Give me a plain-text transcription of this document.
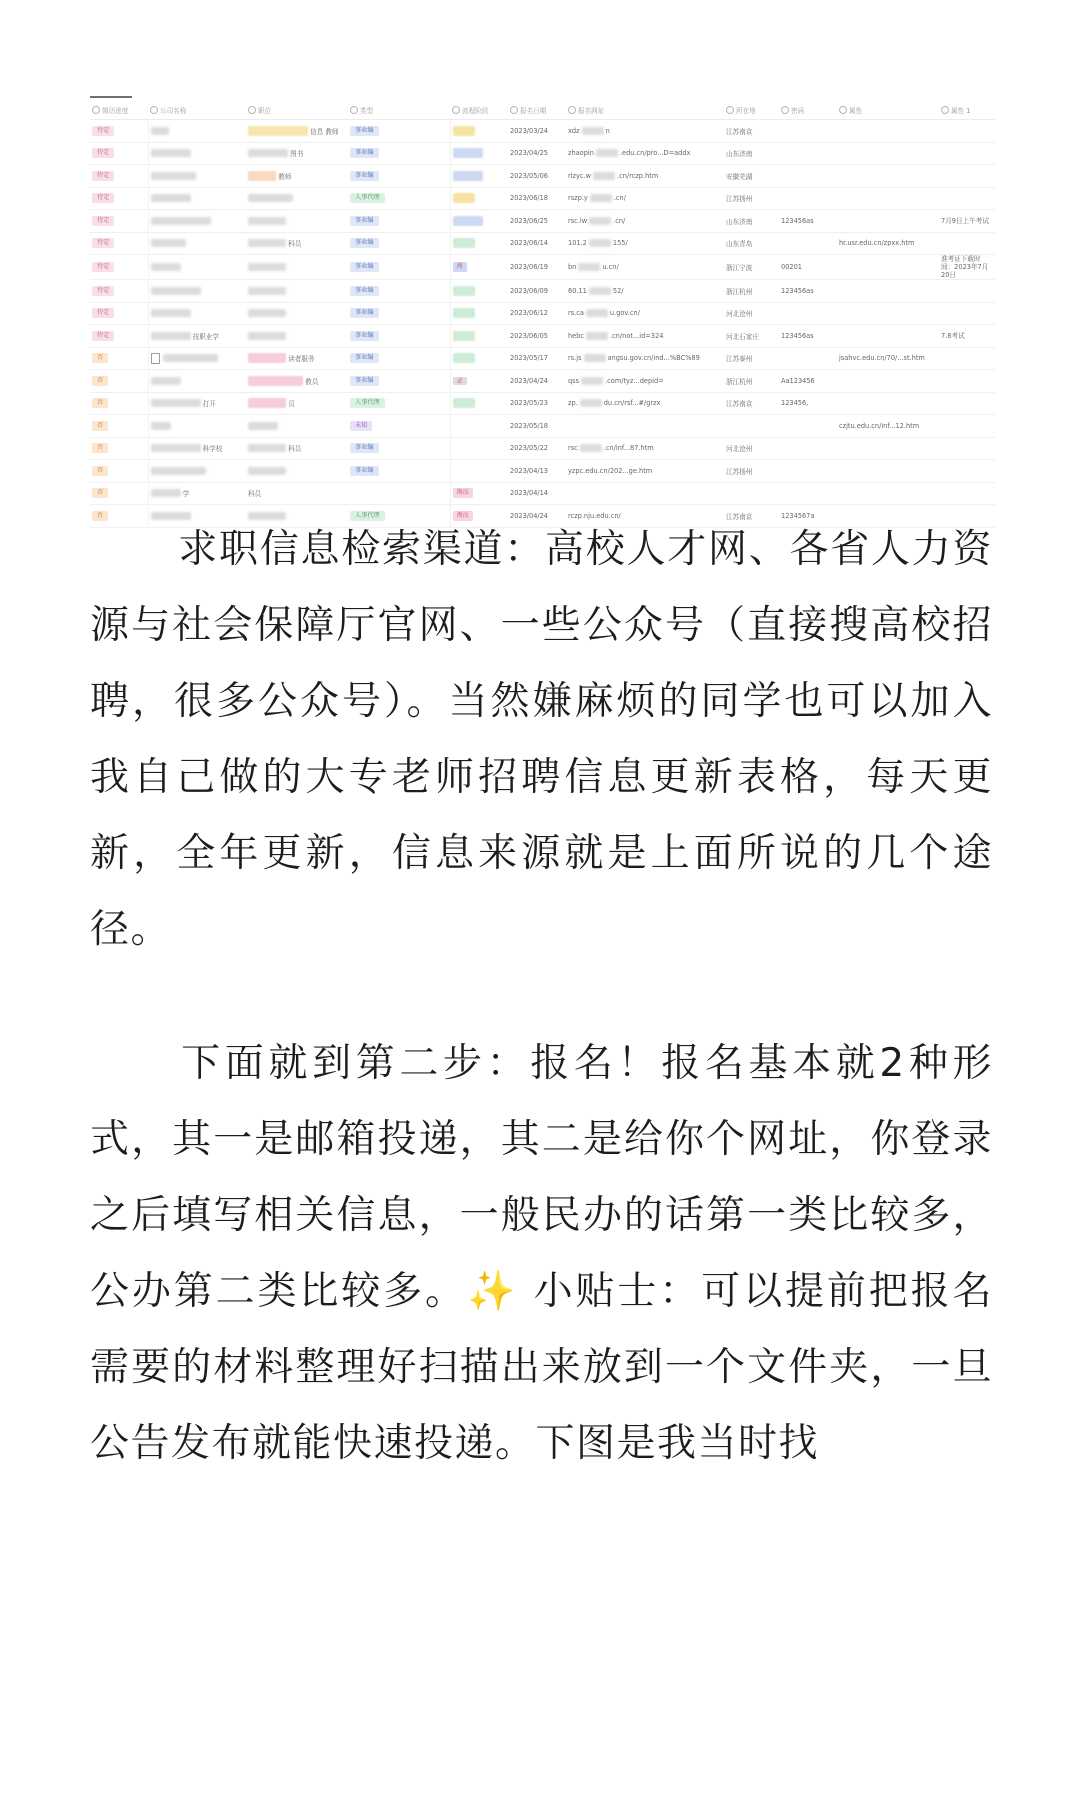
简历进度	公司名称	职位	类型	流程阶段	报名日期	报名网址	所在地	密码	属性	属性 1
待定		信息 教师	事业编		2023/03/24	xdz n	江苏南京			
待定		图书	事业编		2023/04/25	zhaopin .edu.cn/pro...D=addx	山东济南			
待定		教师	事业编		2023/05/06	rlzyc.w .cn/rczp.htm	安徽芜湖			
待定			人事代理		2023/06/18	rszp.y .cn/	江苏扬州			
待定			事业编		2023/06/25	rsc.lw .cn/	山东济南	123456as		7月9日上午考试
待定		科员	事业编		2023/06/14	101.2 155/	山东青岛		hr.usr.edu.cn/zpxx.htm	
待定			事业编	淘	2023/06/19	bn u.cn/	浙江宁波	00201		准考证下载时间：2023年7月20日
待定			事业编		2023/06/09	60.11 52/	浙江杭州	123456as		
待定			事业编		2023/06/12	rs.ca u.gov.cn/	河北沧州			
待定	技职业学		事业编		2023/06/05	hebc .cn/not...id=324	河北石家庄	123456as		7.8考试
否		读者服务	事业编		2023/05/17	rs.js angsu.gov.cn/ind...%BC%89	江苏泰州		jsahvc.edu.cn/70/...st.htm	
否		教员	事业编	录	2023/04/24	qss .com/tyz...depid=	浙江杭州	Aa123456		
否	打开	员	人事代理		2023/05/23	zp. du.cn/rsf...#/grzx	江苏南京	123456,		
否			未知		2023/05/18				czjtu.edu.cn/inf...12.htm	
否	科学校	科员	事业编		2023/05/22	rsc .cn/inf...87.htm	河北沧州			
否			事业编		2023/04/13	yzpc.edu.cn/202...ge.htm	江苏扬州			
否	学	科员		淘汰	2023/04/14					
否			人事代理	淘汰	2023/04/24	rczp.nju.edu.cn/	江苏南京	1234567a		

求职信息检索渠道：高校人才网、各省人力资源与社会保障厅官网、一些公众号（直接搜高校招聘，很多公众号）。当然嫌麻烦的同学也可以加入我自己做的大专老师招聘信息更新表格，每天更新，全年更新，信息来源就是上面所说的几个途径。

下面就到第二步：报名！报名基本就2种形式，其一是邮箱投递，其二是给你个网址，你登录之后填写相关信息，一般民办的话第一类比较多，公办第二类比较多。✨ 小贴士：可以提前把报名需要的材料整理好扫描出来放到一个文件夹，一旦公告发布就能快速投递。下图是我当时找
